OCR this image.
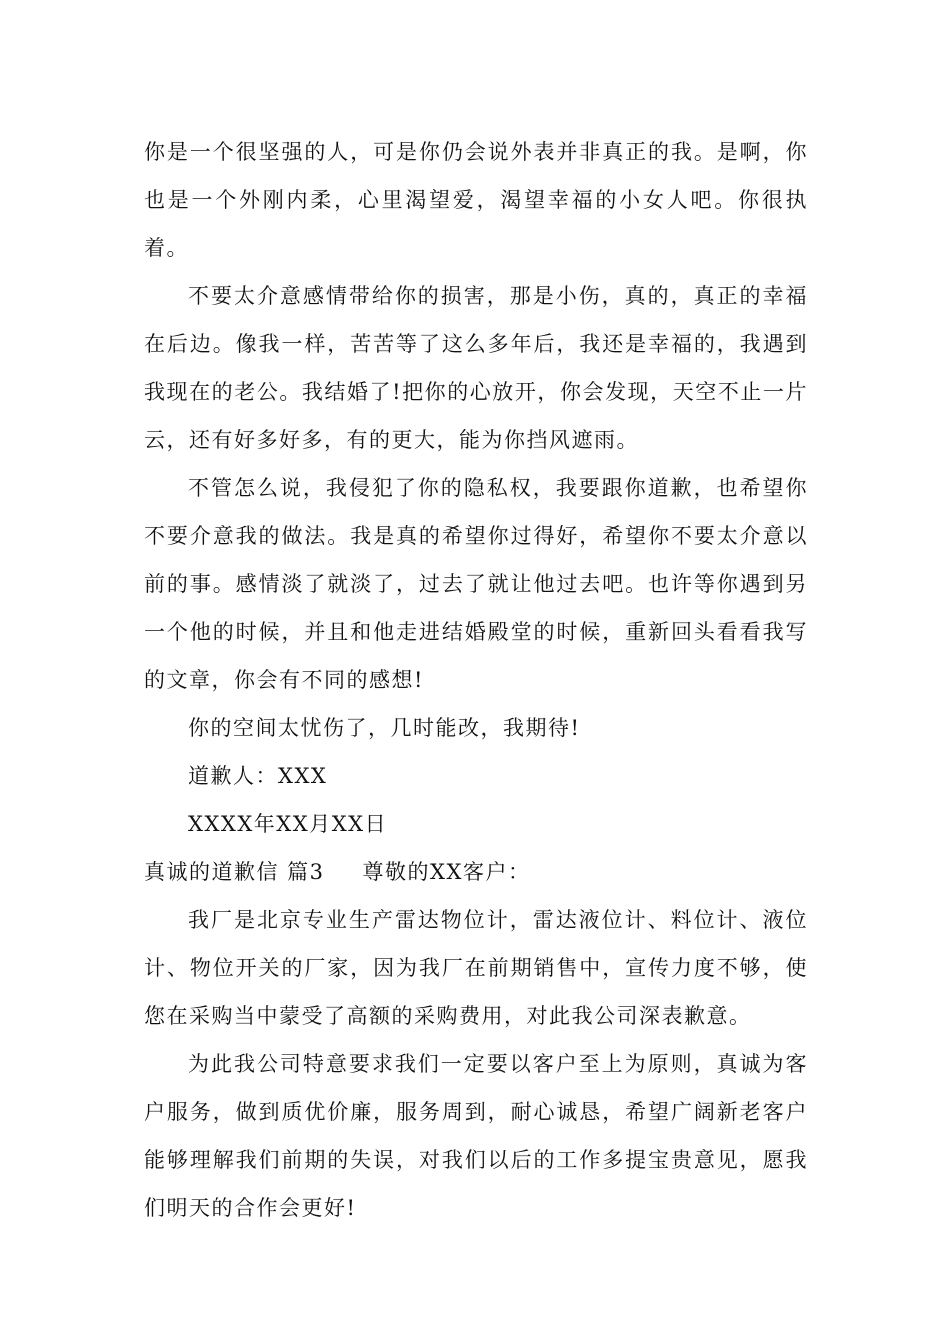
你是一个很坚强的人，可是你仍会说外表并非真正的我。是啊，你也是一个外刚内柔，心里渴望爱，渴望幸福的小女人吧。你很执着。

不要太介意感情带给你的损害，那是小伤，真的，真正的幸福在后边。像我一样，苦苦等了这么多年后，我还是幸福的，我遇到我现在的老公。我结婚了!把你的心放开，你会发现，天空不止一片云，还有好多好多，有的更大，能为你挡风遮雨。

不管怎么说，我侵犯了你的隐私权，我要跟你道歉，也希望你不要介意我的做法。我是真的希望你过得好，希望你不要太介意以前的事。感情淡了就淡了，过去了就让他过去吧。也许等你遇到另一个他的时候，并且和他走进结婚殿堂的时候，重新回头看看我写的文章，你会有不同的感想!

你的空间太忧伤了，几时能改，我期待!

道歉人：XXX

XXXX年XX月XX日

真诚的道歉信 篇3 尊敬的XX客户：

我厂是北京专业生产雷达物位计，雷达液位计、料位计、液位计、物位开关的厂家，因为我厂在前期销售中，宣传力度不够，使您在采购当中蒙受了高额的采购费用，对此我公司深表歉意。

为此我公司特意要求我们一定要以客户至上为原则，真诚为客户服务，做到质优价廉，服务周到，耐心诚恳，希望广阔新老客户能够理解我们前期的失误，对我们以后的工作多提宝贵意见，愿我们明天的合作会更好!
